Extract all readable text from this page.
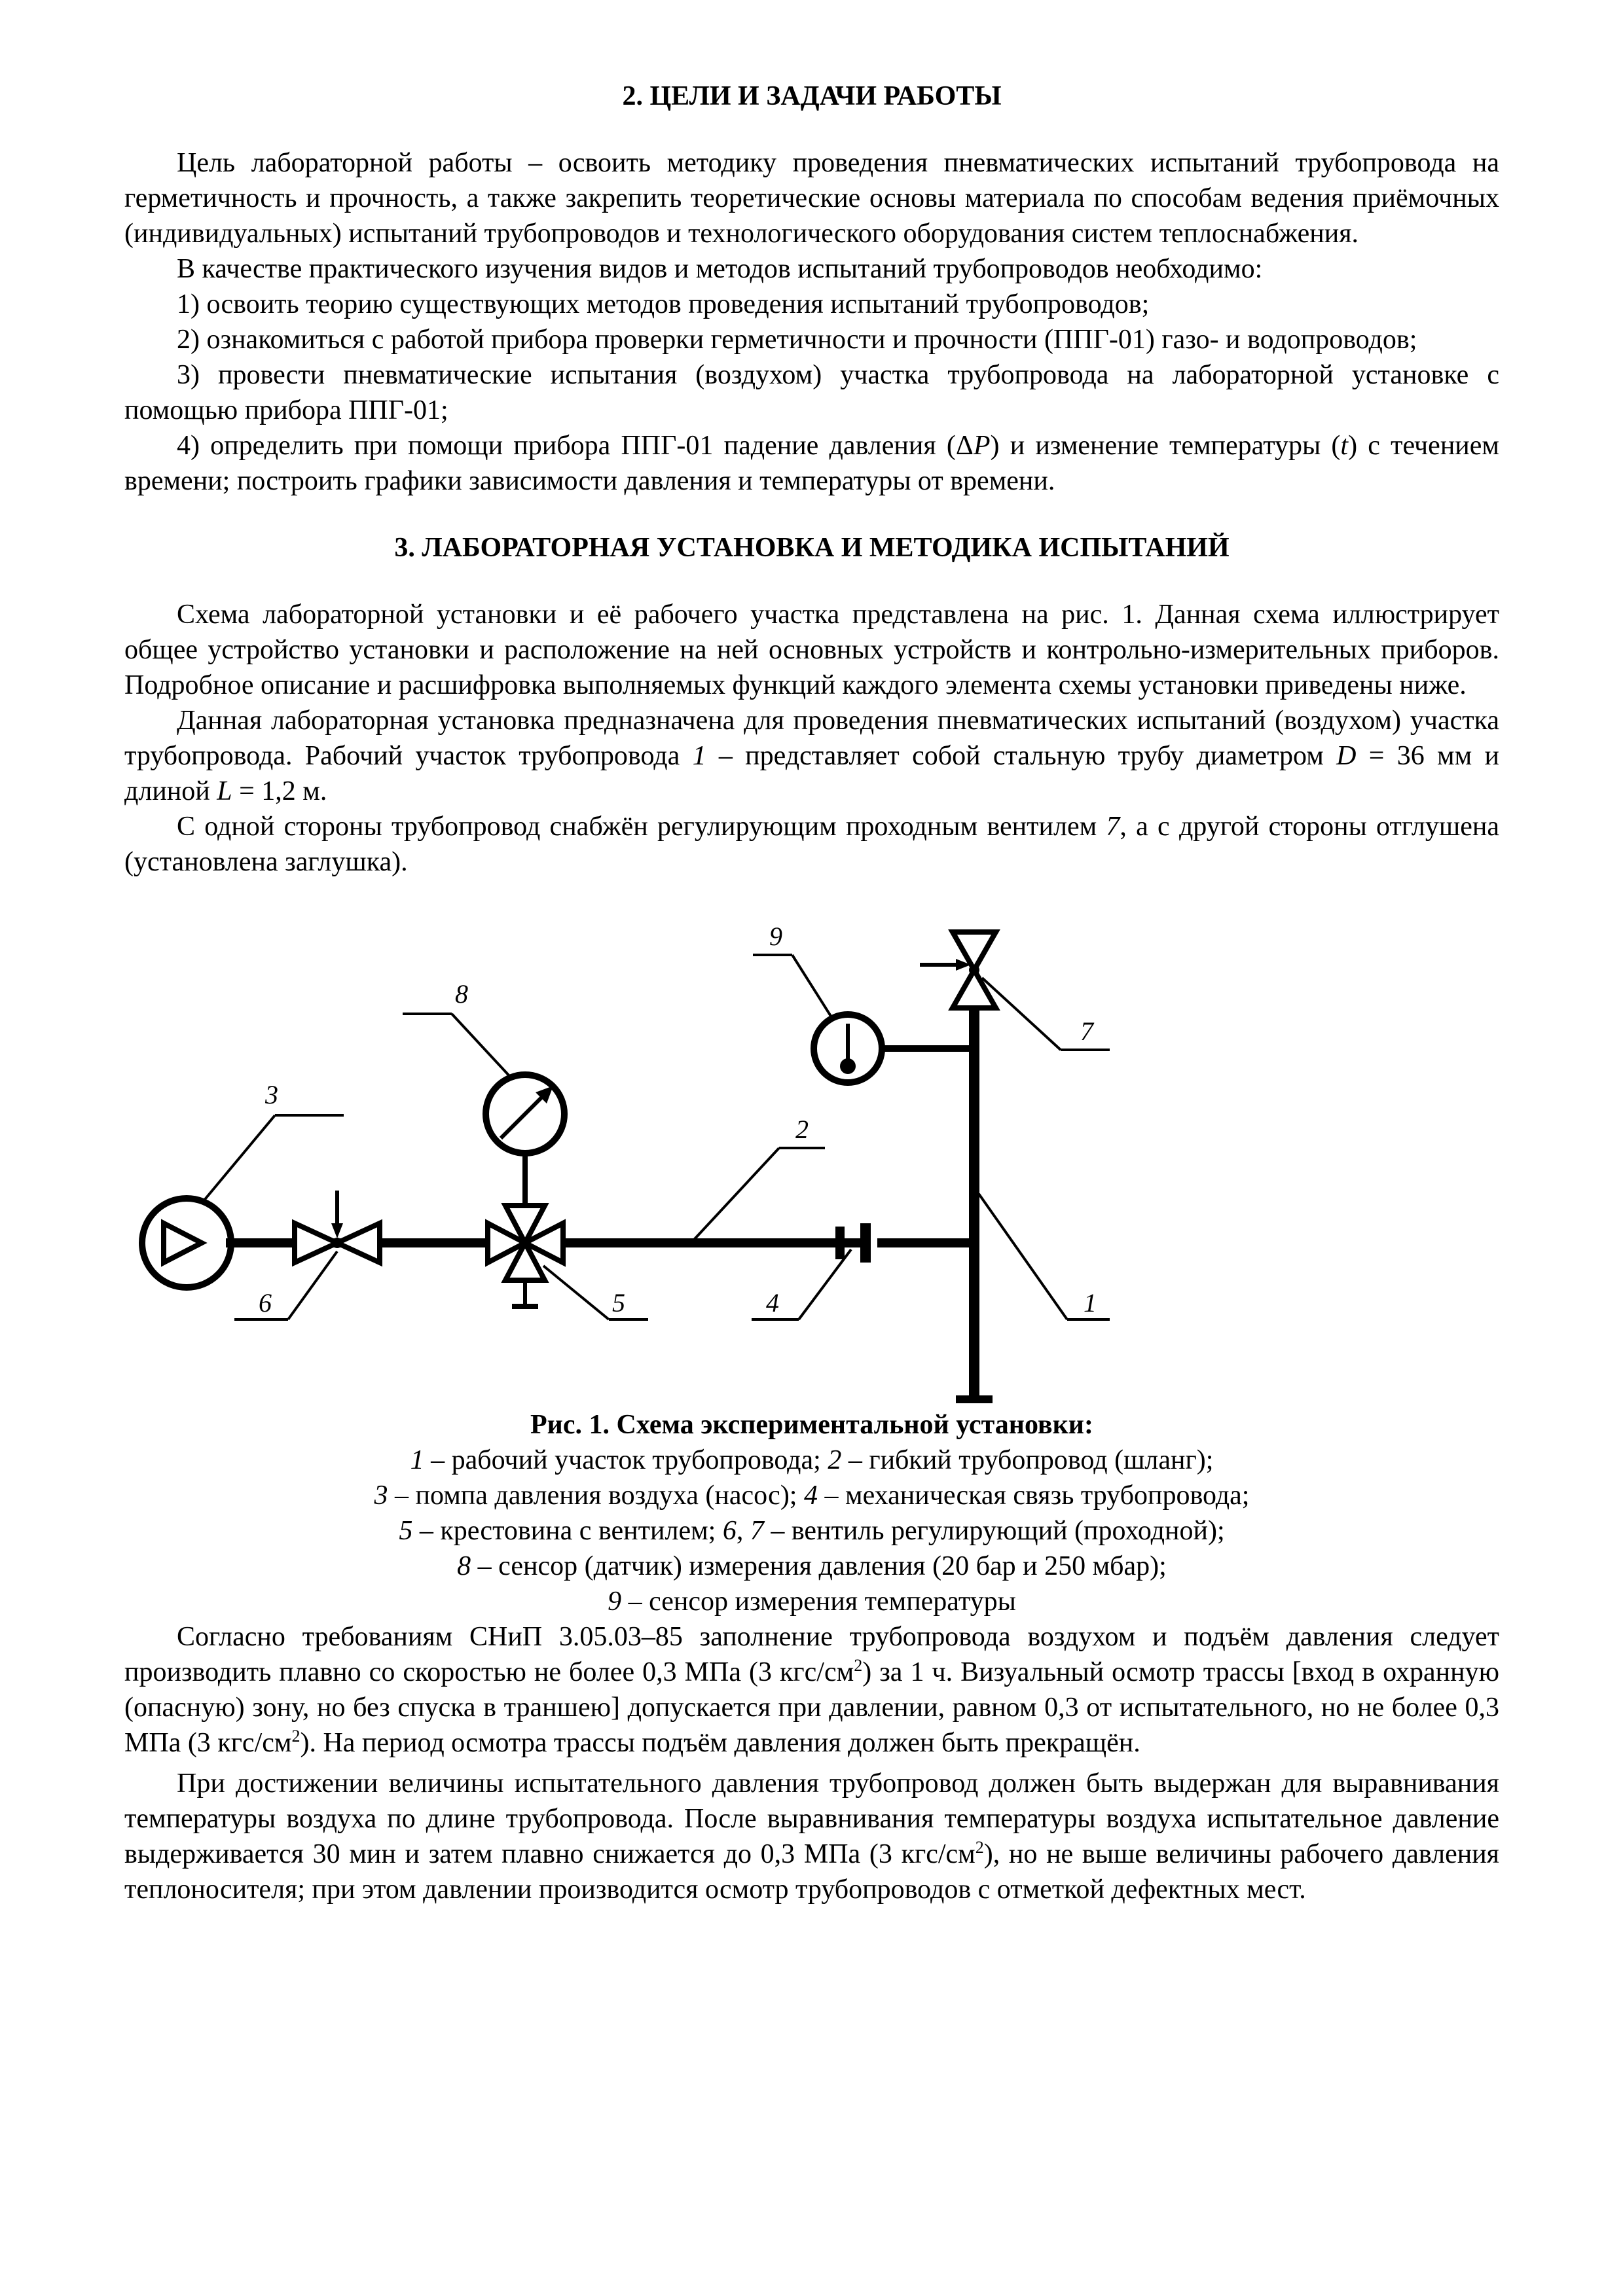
2. ЦЕЛИ И ЗАДАЧИ РАБОТЫ

Цель лабораторной работы – освоить методику проведения пневматических испытаний трубопровода на герметичность и прочность, а также закрепить теоретические основы материала по способам ведения приёмочных (индивидуальных) испытаний трубопроводов и технологического оборудования систем теплоснабжения.

В качестве практического изучения видов и методов испытаний трубопроводов необходимо:

1) освоить теорию существующих методов проведения испытаний трубопроводов;

2) ознакомиться с работой прибора проверки герметичности и прочности (ППГ-01) газо- и водопроводов;

3) провести пневматические испытания (воздухом) участка трубопровода на лабораторной установке с помощью прибора ППГ-01;

4) определить при помощи прибора ППГ-01 падение давления (ΔP) и изменение температуры (t) с течением времени; построить графики зависимости давления и температуры от времени.

3. ЛАБОРАТОРНАЯ УСТАНОВКА И МЕТОДИКА ИСПЫТАНИЙ

Схема лабораторной установки и её рабочего участка представлена на рис. 1. Данная схема иллюстрирует общее устройство установки и расположение на ней основных устройств и контрольно-измерительных приборов. Подробное описание и расшифровка выполняемых функций каждого элемента схемы установки приведены ниже.

Данная лабораторная установка предназначена для проведения пневматических испытаний (воздухом) участка трубопровода. Рабочий участок трубопровода 1 – представляет собой стальную трубу диаметром D = 36 мм и длиной L = 1,2 м.

С одной стороны трубопровод снабжён регулирующим проходным вентилем 7, а с другой стороны отглушена (установлена заглушка).

1
2
3
4
5
6
7
8
9
Рис. 1. Схема экспериментальной установки:
1 – рабочий участок трубопровода; 2 – гибкий трубопровод (шланг);
3 – помпа давления воздуха (насос); 4 – механическая связь трубопровода;
5 – крестовина с вентилем; 6, 7 – вентиль регулирующий (проходной);
8 – сенсор (датчик) измерения давления (20 бар и 250 мбар);
9 – сенсор измерения температуры

Согласно требованиям СНиП 3.05.03–85 заполнение трубопровода воздухом и подъём давления следует производить плавно со скоростью не более 0,3 МПа (3 кгс/$см^2$) за 1 ч. Визуальный осмотр трассы [вход в охранную (опасную) зону, но без спуска в траншею] допускается при давлении, равном 0,3 от испытательного, но не более 0,3 МПа (3 кгс/$см^2$). На период осмотра трассы подъём давления должен быть прекращён.

При достижении величины испытательного давления трубопровод должен быть выдержан для выравнивания температуры воздуха по длине трубопровода. После выравнивания температуры воздуха испытательное давление выдерживается 30 мин и затем плавно снижается до 0,3 МПа (3 кгс/$см^2$), но не выше величины рабочего давления теплоносителя; при этом давлении производится осмотр трубопроводов с отметкой дефектных мест.
